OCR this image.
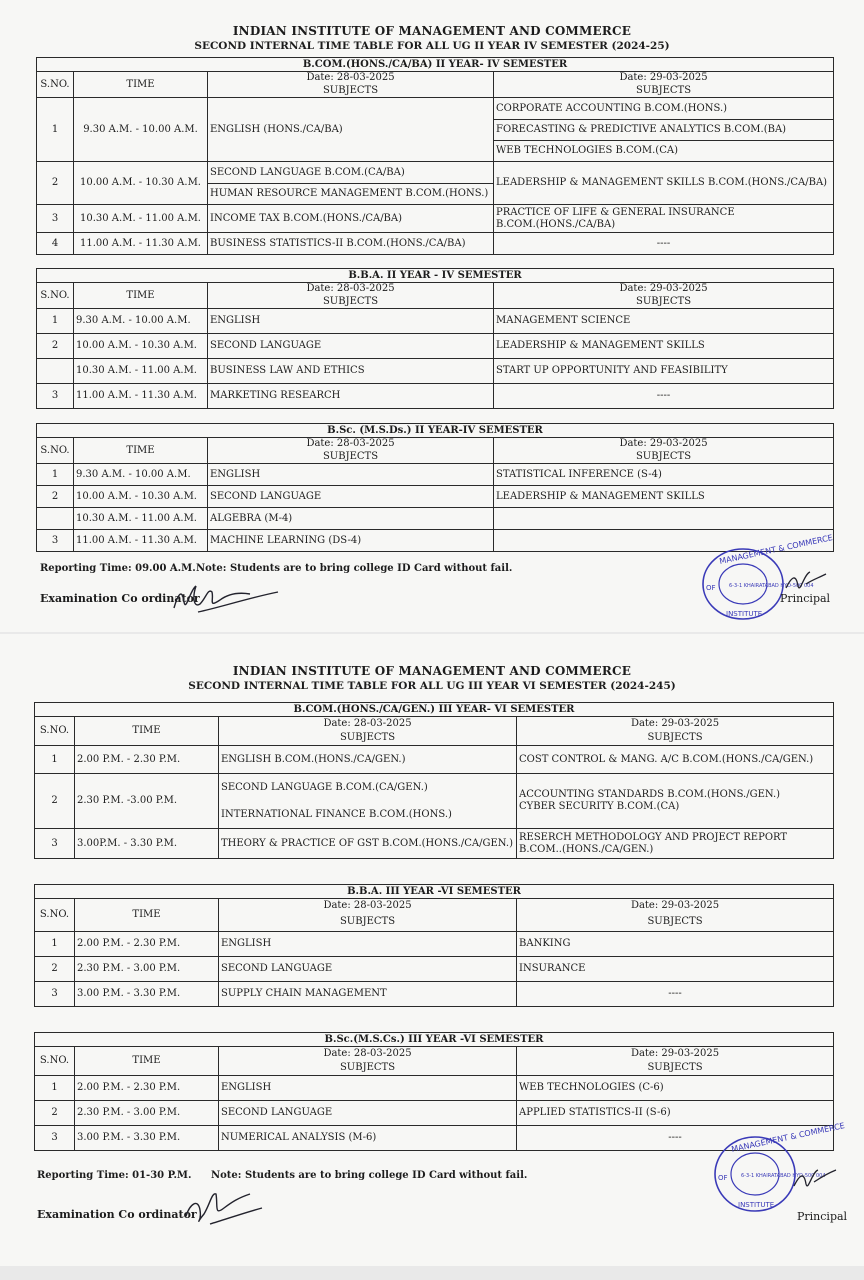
INDIAN INSTITUTE OF MANAGEMENT AND COMMERCE
SECOND INTERNAL TIME TABLE FOR ALL UG II YEAR IV SEMESTER (2024-25)
B.COM.(HONS./CA/BA) II YEAR- IV SEMESTER			
S.NO.	TIME	Date: 28-03-2025	Date: 29-03-2025
		SUBJECTS	SUBJECTS
1	9.30 A.M. - 10.00 A.M.	ENGLISH (HONS./CA/BA)	CORPORATE ACCOUNTING B.COM.(HONS.)
			FORECASTING & PREDICTIVE ANALYTICS B.COM.(BA)
			WEB TECHNOLOGIES B.COM.(CA)
2	10.00 A.M. - 10.30 A.M.	SECOND LANGUAGE B.COM.(CA/BA)	LEADERSHIP & MANAGEMENT SKILLS B.COM.(HONS./CA/BA)
		HUMAN RESOURCE MANAGEMENT B.COM.(HONS.)	
3	10.30 A.M. - 11.00 A.M.	INCOME TAX B.COM.(HONS./CA/BA)	PRACTICE OF LIFE & GENERAL INSURANCE
B.COM.(HONS./CA/BA)
4	11.00 A.M. - 11.30 A.M.	BUSINESS STATISTICS-II B.COM.(HONS./CA/BA)	----
B.B.A. II YEAR - IV SEMESTER			
S.NO.	TIME	Date: 28-03-2025	Date: 29-03-2025
		SUBJECTS	SUBJECTS
1	9.30 A.M. - 10.00 A.M.	ENGLISH	MANAGEMENT SCIENCE
2	10.00 A.M. - 10.30 A.M.	SECOND LANGUAGE	LEADERSHIP & MANAGEMENT SKILLS
	10.30 A.M. - 11.00 A.M.	BUSINESS LAW AND ETHICS	START UP OPPORTUNITY AND FEASIBILITY
3	11.00 A.M. - 11.30 A.M.	MARKETING RESEARCH	----
B.Sc. (M.S.Ds.) II YEAR-IV SEMESTER			
S.NO.	TIME	Date: 28-03-2025	Date: 29-03-2025
		SUBJECTS	SUBJECTS
1	9.30 A.M. - 10.00 A.M.	ENGLISH	STATISTICAL INFERENCE (S-4)
2	10.00 A.M. - 10.30 A.M.	SECOND LANGUAGE	LEADERSHIP & MANAGEMENT SKILLS
	10.30 A.M. - 11.00 A.M.	ALGEBRA (M-4)	
3	11.00 A.M. - 11.30 A.M.	MACHINE LEARNING (DS-4)	
Reporting Time: 09.00 A.M. Note: Students are to bring college ID Card without fail.
Examination Co ordinator
MANAGEMENT & COMMERCE
OF	6-3-1 KHAIRATABAD HYD-500 004
INSTITUTE
Principal
INDIAN INSTITUTE OF MANAGEMENT AND COMMERCE
SECOND INTERNAL TIME TABLE FOR ALL UG III YEAR VI SEMESTER (2024-245)
B.COM.(HONS./CA/GEN.) III YEAR- VI SEMESTER			
S.NO.	TIME	Date: 28-03-2025	Date: 29-03-2025
		SUBJECTS	SUBJECTS
1	2.00 P.M. - 2.30 P.M.	ENGLISH B.COM.(HONS./CA/GEN.)	COST CONTROL & MANG. A/C B.COM.(HONS./CA/GEN.)
2	2.30 P.M. -3.00 P.M.	SECOND LANGUAGE B.COM.(CA/GEN.)	ACCOUNTING STANDARDS B.COM.(HONS./GEN.)
CYBER SECURITY B.COM.(CA)
		INTERNATIONAL FINANCE B.COM.(HONS.)	
3	3.00P.M. - 3.30 P.M.	THEORY & PRACTICE OF GST B.COM.(HONS./CA/GEN.)	RESERCH METHODOLOGY AND PROJECT REPORT
B.COM..(HONS./CA/GEN.)
B.B.A. III YEAR -VI SEMESTER			
S.NO.	TIME	Date: 28-03-2025	Date: 29-03-2025
		SUBJECTS	SUBJECTS
1	2.00 P.M. - 2.30 P.M.	ENGLISH	BANKING
2	2.30 P.M. - 3.00 P.M.	SECOND LANGUAGE	INSURANCE
3	3.00 P.M. - 3.30 P.M.	SUPPLY CHAIN MANAGEMENT	----
B.Sc.(M.S.Cs.) III YEAR -VI SEMESTER			
S.NO.	TIME	Date: 28-03-2025	Date: 29-03-2025
		SUBJECTS	SUBJECTS
1	2.00 P.M. - 2.30 P.M.	ENGLISH	WEB TECHNOLOGIES (C-6)
2	2.30 P.M. - 3.00 P.M.	SECOND LANGUAGE	APPLIED STATISTICS-II (S-6)
3	3.00 P.M. - 3.30 P.M.	NUMERICAL ANALYSIS (M-6)	----
Reporting Time: 01-30 P.M. Note: Students are to bring college ID Card without fail.
Examination Co ordinator
MANAGEMENT & COMMERCE
OF	6-3-1 KHAIRATABAD HYD-500 004
INSTITUTE
Principal
